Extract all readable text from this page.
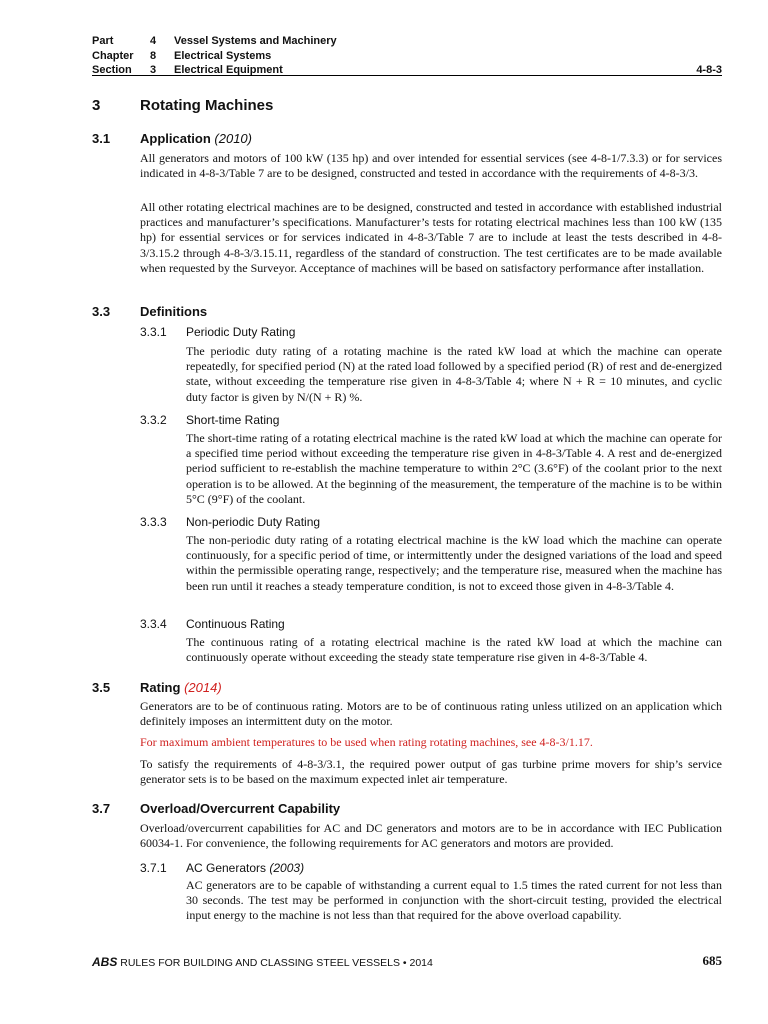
Part	4 Vessel Systems and Machinery
Chapter 8 Electrical Systems
Section 3 Electrical Equipment	4-8-3
3	Rotating Machines
3.1 Application (2010)

All generators and motors of 100 kW (135 hp) and over intended for essential services (see 4-8-1/7.3.3) or for services indicated in 4-8-3/Table 7 are to be designed, constructed and tested in accordance with the requirements of 4-8-3/3.

All other rotating electrical machines are to be designed, constructed and tested in accordance with established industrial practices and manufacturer’s specifications. Manufacturer’s tests for rotating electrical machines less than 100 kW (135 hp) for essential services or for services indicated in 4-8-3/Table 7 are to include at least the tests described in 4-8-3/3.15.2 through 4-8-3/3.15.11, regardless of the standard of construction. The test certificates are to be made available when requested by the Surveyor. Acceptance of machines will be based on satisfactory performance after installation.

3.3 Definitions
3.3.1 Periodic Duty Rating

The periodic duty rating of a rotating machine is the rated kW load at which the machine can operate repeatedly, for specified period (N) at the rated load followed by a specified period (R) of rest and de-energized state, without exceeding the temperature rise given in 4-8-3/Table 4; where N + R = 10 minutes, and cyclic duty factor is given by N/(N + R) %.

3.3.2 Short-time Rating

The short-time rating of a rotating electrical machine is the rated kW load at which the machine can operate for a specified time period without exceeding the temperature rise given in 4-8-3/Table 4. A rest and de-energized period sufficient to re-establish the machine temperature to within 2°C (3.6°F) of the coolant prior to the next operation is to be allowed. At the beginning of the measurement, the temperature of the machine is to be within 5°C (9°F) of the coolant.

3.3.3 Non-periodic Duty Rating

The non-periodic duty rating of a rotating electrical machine is the kW load which the machine can operate continuously, for a specific period of time, or intermittently under the designed variations of the load and speed within the permissible operating range, respectively; and the temperature rise, measured when the machine has been run until it reaches a steady temperature condition, is not to exceed those given in 4-8-3/Table 4.

3.3.4 Continuous Rating

The continuous rating of a rotating electrical machine is the rated kW load at which the machine can continuously operate without exceeding the steady state temperature rise given in 4-8-3/Table 4.

3.5 Rating (2014)

Generators are to be of continuous rating. Motors are to be of continuous rating unless utilized on an application which definitely imposes an intermittent duty on the motor.

For maximum ambient temperatures to be used when rating rotating machines, see 4-8-3/1.17.

To satisfy the requirements of 4-8-3/3.1, the required power output of gas turbine prime movers for ship’s service generator sets is to be based on the maximum expected inlet air temperature.

3.7 Overload/Overcurrent Capability

Overload/overcurrent capabilities for AC and DC generators and motors are to be in accordance with IEC Publication 60034-1. For convenience, the following requirements for AC generators and motors are provided.

3.7.1 AC Generators (2003)

AC generators are to be capable of withstanding a current equal to 1.5 times the rated current for not less than 30 seconds. The test may be performed in conjunction with the short-circuit testing, provided the electrical input energy to the machine is not less than that required for the above overload capability.

ABS RULES FOR BUILDING AND CLASSING STEEL VESSELS • 2014	685
